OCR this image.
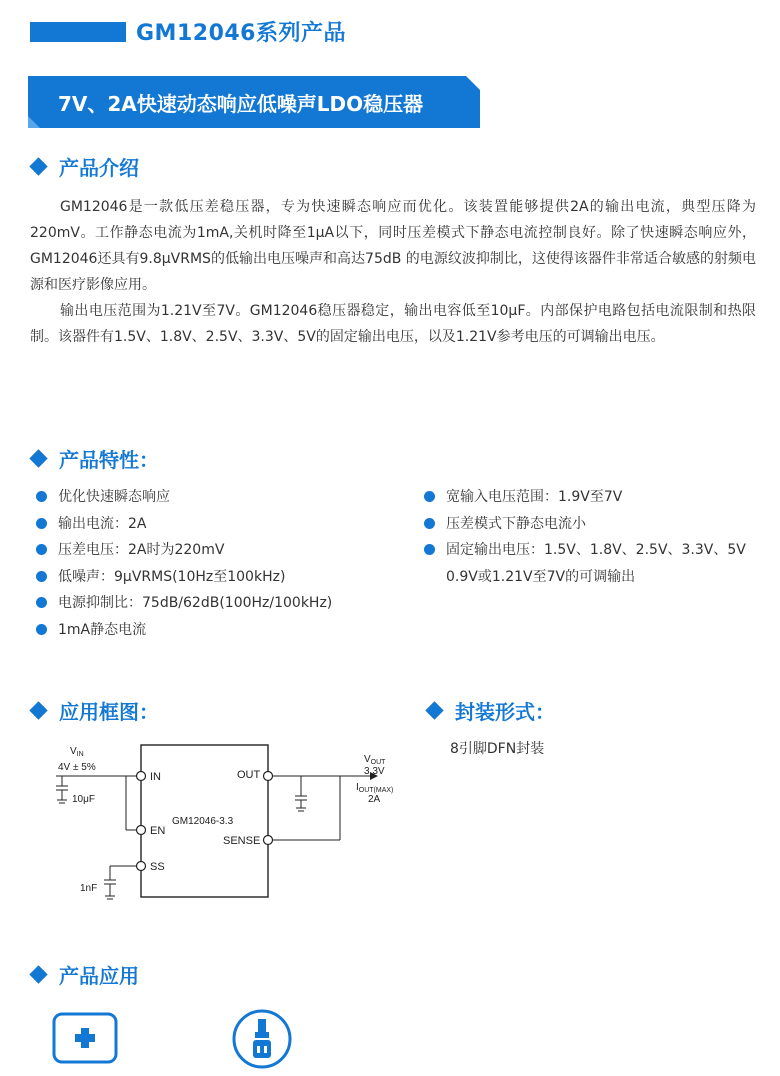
GM12046系列产品
7V、2A快速动态响应低噪声LDO稳压器
产品介绍

GM12046是一款低压差稳压器，专为快速瞬态响应而优化。该装置能够提供2A的输出电流，典型压降为220mV。工作静态电流为1mA,关机时降至1μA以下，同时压差模式下静态电流控制良好。除了快速瞬态响应外，GM12046还具有9.8μVRMS的低输出电压噪声和高达75dB 的电源纹波抑制比，这使得该器件非常适合敏感的射频电源和医疗影像应用。

输出电压范围为1.21V至7V。GM12046稳压器稳定，输出电容低至10μF。内部保护电路包括电流限制和热限制。该器件有1.5V、1.8V、2.5V、3.3V、5V的固定输出电压，以及1.21V参考电压的可调输出电压。

产品特性：
优化快速瞬态响应
输出电流：2A
压差电压：2A时为220mV
低噪声：9μVRMS(10Hz至100kHz)
电源抑制比：75dB/62dB(100Hz/100kHz)
1mA静态电流
宽输入电压范围：1.9V至7V
压差模式下静态电流小
固定输出电压：1.5V、1.8V、2.5V、3.3V、5V
0.9V或1.21V至7V的可调输出
应用框图：	封装形式：
8引脚DFN封装
GM12046-3.3
IN
EN
SS
OUT
SENSE
$V_{IN}$
4V ± 5%
10μF
1nF
$V_{OUT}$
3.3V
$I_{OUT(MAX)}$
2A
产品应用
